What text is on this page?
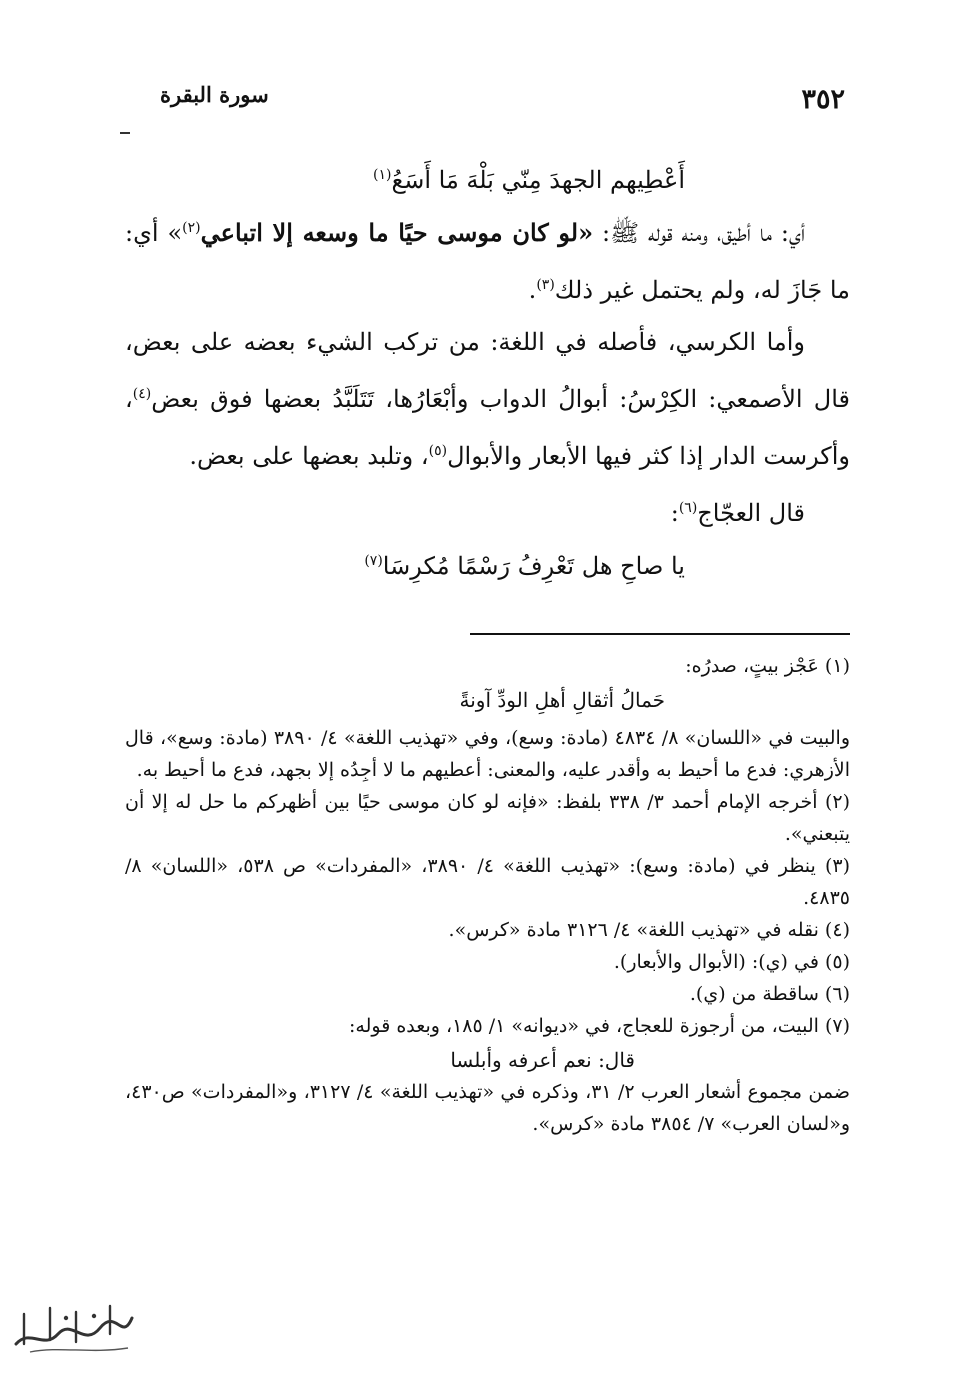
٣٥٢
سورة البقرة

أَعْطِيهم الجهدَ مِنّي بَلْهَ مَا أَسَعُ$^{(١)}$

أي: ما أطيق، ومنه قوله ﷺ: «لو كان موسى حيًا ما وسعه إلا اتباعي$^{(٢)}$» أي: ما جَازَ له، ولم يحتمل غير ذلك$^{(٣)}$.

وأما الكرسي، فأصله في اللغة: من تركب الشيء بعضه على بعض، قال الأصمعي: الكِرْسُ: أبوالُ الدواب وأبْعَارُها، تَتَلَبَّدُ بعضها فوق بعض$^{(٤)}$، وأكرست الدار إذا كثر فيها الأبعار والأبوال$^{(٥)}$، وتلبد بعضها على بعض.

قال العجّاج$^{(٦)}$:

يا صاحِ هل تَعْرِفُ رَسْمًا مُكرِسَا$^{(٧)}$

(١) عَجْز بيتٍ، صدرُه:

حَمالُ أثقالِ أهلِ الودِّ آونةً

والبيت في «اللسان» ٨/ ٤٨٣٤ (مادة: وسع)، وفي «تهذيب اللغة» ٤/ ٣٨٩٠ (مادة: وسع»، قال الأزهري: فدع ما أحيط به وأقدر عليه، والمعنى: أعطيهم ما لا أجِدُه إلا بجهد، فدع ما أحيط به.

(٢) أخرجه الإمام أحمد ٣/ ٣٣٨ بلفظ: «فإنه لو كان موسى حيًا بين أظهركم ما حل له إلا أن يتبعني».

(٣) ينظر في (مادة: وسع): «تهذيب اللغة» ٤/ ٣٨٩٠، «المفردات» ص ٥٣٨، «اللسان» ٨/ ٤٨٣٥.

(٤) نقله في «تهذيب اللغة» ٤/ ٣١٢٦ مادة «كرس».

(٥) في (ي): (الأبوال والأبعار).

(٦) ساقطة من (ي).

(٧) البيت، من أرجوزة للعجاج، في «ديوانه» ١/ ١٨٥، وبعده قوله:

قال: نعم أعرفه وأبلسا

ضمن مجموع أشعار العرب ٢/ ٣١، وذكره في «تهذيب اللغة» ٤/ ٣١٢٧، و«المفردات» ص٤٣٠، و«لسان العرب» ٧/ ٣٨٥٤ مادة «كرس».
